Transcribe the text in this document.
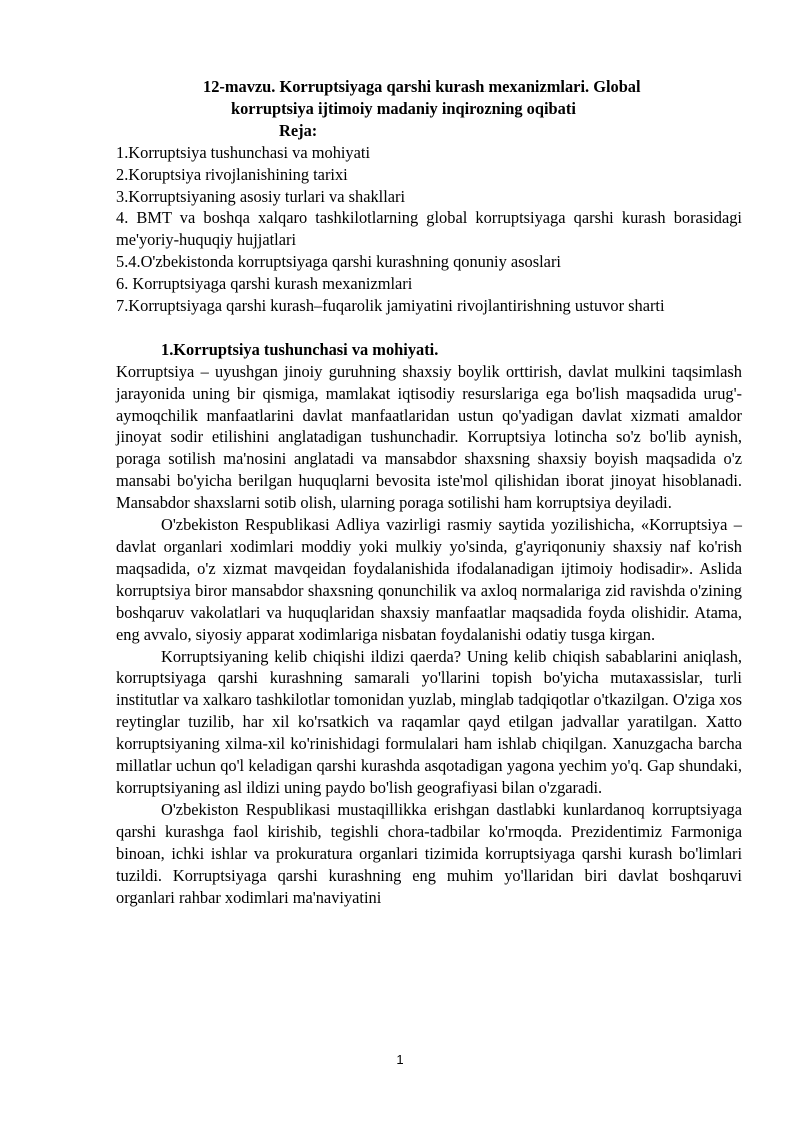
12-mavzu. Korruptsiyaga qarshi kurash mexanizmlari. Global
korruptsiya ijtimoiy madaniy inqirozning oqibati
Reja:
1.Korruptsiya tushunchasi va mohiyati
2.Koruptsiya rivojlanishining tarixi
3.Korruptsiyaning asosiy turlari va shakllari
4. BMT va boshqa xalqaro tashkilotlarning global korruptsiyaga qarshi kurash borasidagi me'yoriy-huquqiy hujjatlari
5.4.O'zbekistonda korruptsiyaga qarshi kurashning qonuniy asoslari
6. Korruptsiyaga qarshi kurash mexanizmlari
7.Korruptsiyaga qarshi kurash–fuqarolik jamiyatini rivojlantirishning ustuvor sharti
1.Korruptsiya tushunchasi va mohiyati.

Korruptsiya – uyushgan jinoiy guruhning shaxsiy boylik orttirish, davlat mulkini taqsimlash jarayonida uning bir qismiga, mamlakat iqtisodiy resurslariga ega bo'lish maqsadida urug'-aymoqchilik manfaatlarini davlat manfaatlaridan ustun qo'yadigan davlat xizmati amaldor jinoyat sodir etilishini anglatadigan tushunchadir. Korruptsiya lotincha so'z bo'lib aynish, poraga sotilish ma'nosini anglatadi va mansabdor shaxsning shaxsiy boyish maqsadida o'z mansabi bo'yicha berilgan huquqlarni bevosita iste'mol qilishidan iborat jinoyat hisoblanadi. Mansabdor shaxslarni sotib olish, ularning poraga sotilishi ham korruptsiya deyiladi.

O'zbekiston Respublikasi Adliya vazirligi rasmiy saytida yozilishicha, «Korruptsiya – davlat organlari xodimlari moddiy yoki mulkiy yo'sinda, g'ayriqonuniy shaxsiy naf ko'rish maqsadida, o'z xizmat mavqeidan foydalanishida ifodalanadigan ijtimoiy hodisadir». Aslida korruptsiya biror mansabdor shaxsning qonunchilik va axloq normalariga zid ravishda o'zining boshqaruv vakolatlari va huquqlaridan shaxsiy manfaatlar maqsadida foyda olishidir. Atama, eng avvalo, siyosiy apparat xodimlariga nisbatan foydalanishi odatiy tusga kirgan.

Korruptsiyaning kelib chiqishi ildizi qaerda? Uning kelib chiqish sabablarini aniqlash, korruptsiyaga qarshi kurashning samarali yo'llarini topish bo'yicha mutaxassislar, turli institutlar va xalkaro tashkilotlar tomonidan yuzlab, minglab tadqiqotlar o'tkazilgan. O'ziga xos reytinglar tuzilib, har xil ko'rsatkich va raqamlar qayd etilgan jadvallar yaratilgan. Xatto korruptsiyaning xilma-xil ko'rinishidagi formulalari ham ishlab chiqilgan. Xanuzgacha barcha millatlar uchun qo'l keladigan qarshi kurashda asqotadigan yagona yechim yo'q. Gap shundaki, korruptsiyaning asl ildizi uning paydo bo'lish geografiyasi bilan o'zgaradi.

O'zbekiston Respublikasi mustaqillikka erishgan dastlabki kunlardanoq korruptsiyaga qarshi kurashga faol kirishib, tegishli chora-tadbilar ko'rmoqda. Prezidentimiz Farmoniga binoan, ichki ishlar va prokuratura organlari tizimida korruptsiyaga qarshi kurash bo'limlari tuzildi. Korruptsiyaga qarshi kurashning eng muhim yo'llaridan biri davlat boshqaruvi organlari rahbar xodimlari ma'naviyatini

1
